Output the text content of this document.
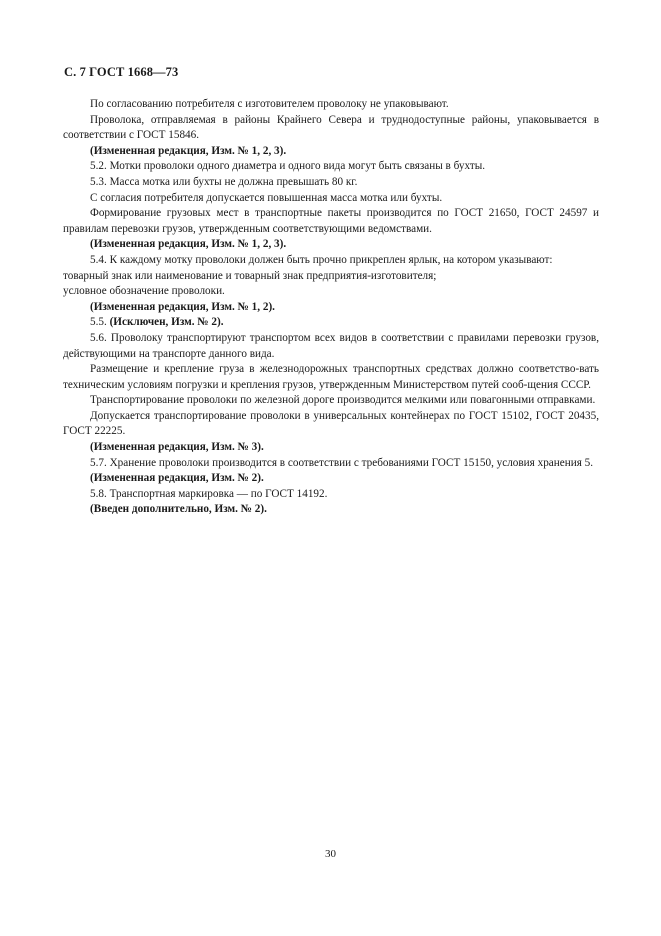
С. 7 ГОСТ 1668—73

По согласованию потребителя с изготовителем проволоку не упаковывают.

Проволока, отправляемая в районы Крайнего Севера и труднодоступные районы, упаковывается в соответствии с ГОСТ 15846.

(Измененная редакция, Изм. № 1, 2, 3).

5.2. Мотки проволоки одного диаметра и одного вида могут быть связаны в бухты.

5.3. Масса мотка или бухты не должна превышать 80 кг.

С согласия потребителя допускается повышенная масса мотка или бухты.

Формирование грузовых мест в транспортные пакеты производится по ГОСТ 21650, ГОСТ 24597 и правилам перевозки грузов, утвержденным соответствующими ведомствами.

(Измененная редакция, Изм. № 1, 2, 3).

5.4. К каждому мотку проволоки должен быть прочно прикреплен ярлык, на котором указывают:

товарный знак или наименование и товарный знак предприятия-изготовителя;

условное обозначение проволоки.

(Измененная редакция, Изм. № 1, 2).

5.5. (Исключен, Изм. № 2).

5.6. Проволоку транспортируют транспортом всех видов в соответствии с правилами перевозки грузов, действующими на транспорте данного вида.

Размещение и крепление груза в железнодорожных транспортных средствах должно соответство-вать техническим условиям погрузки и крепления грузов, утвержденным Министерством путей сооб-щения СССР.

Транспортирование проволоки по железной дороге производится мелкими или повагонными отправками.

Допускается транспортирование проволоки в универсальных контейнерах по ГОСТ 15102, ГОСТ 20435, ГОСТ 22225.

(Измененная редакция, Изм. № 3).

5.7. Хранение проволоки производится в соответствии с требованиями ГОСТ 15150, условия хранения 5.

(Измененная редакция, Изм. № 2).

5.8. Транспортная маркировка — по ГОСТ 14192.

(Введен дополнительно, Изм. № 2).

30
